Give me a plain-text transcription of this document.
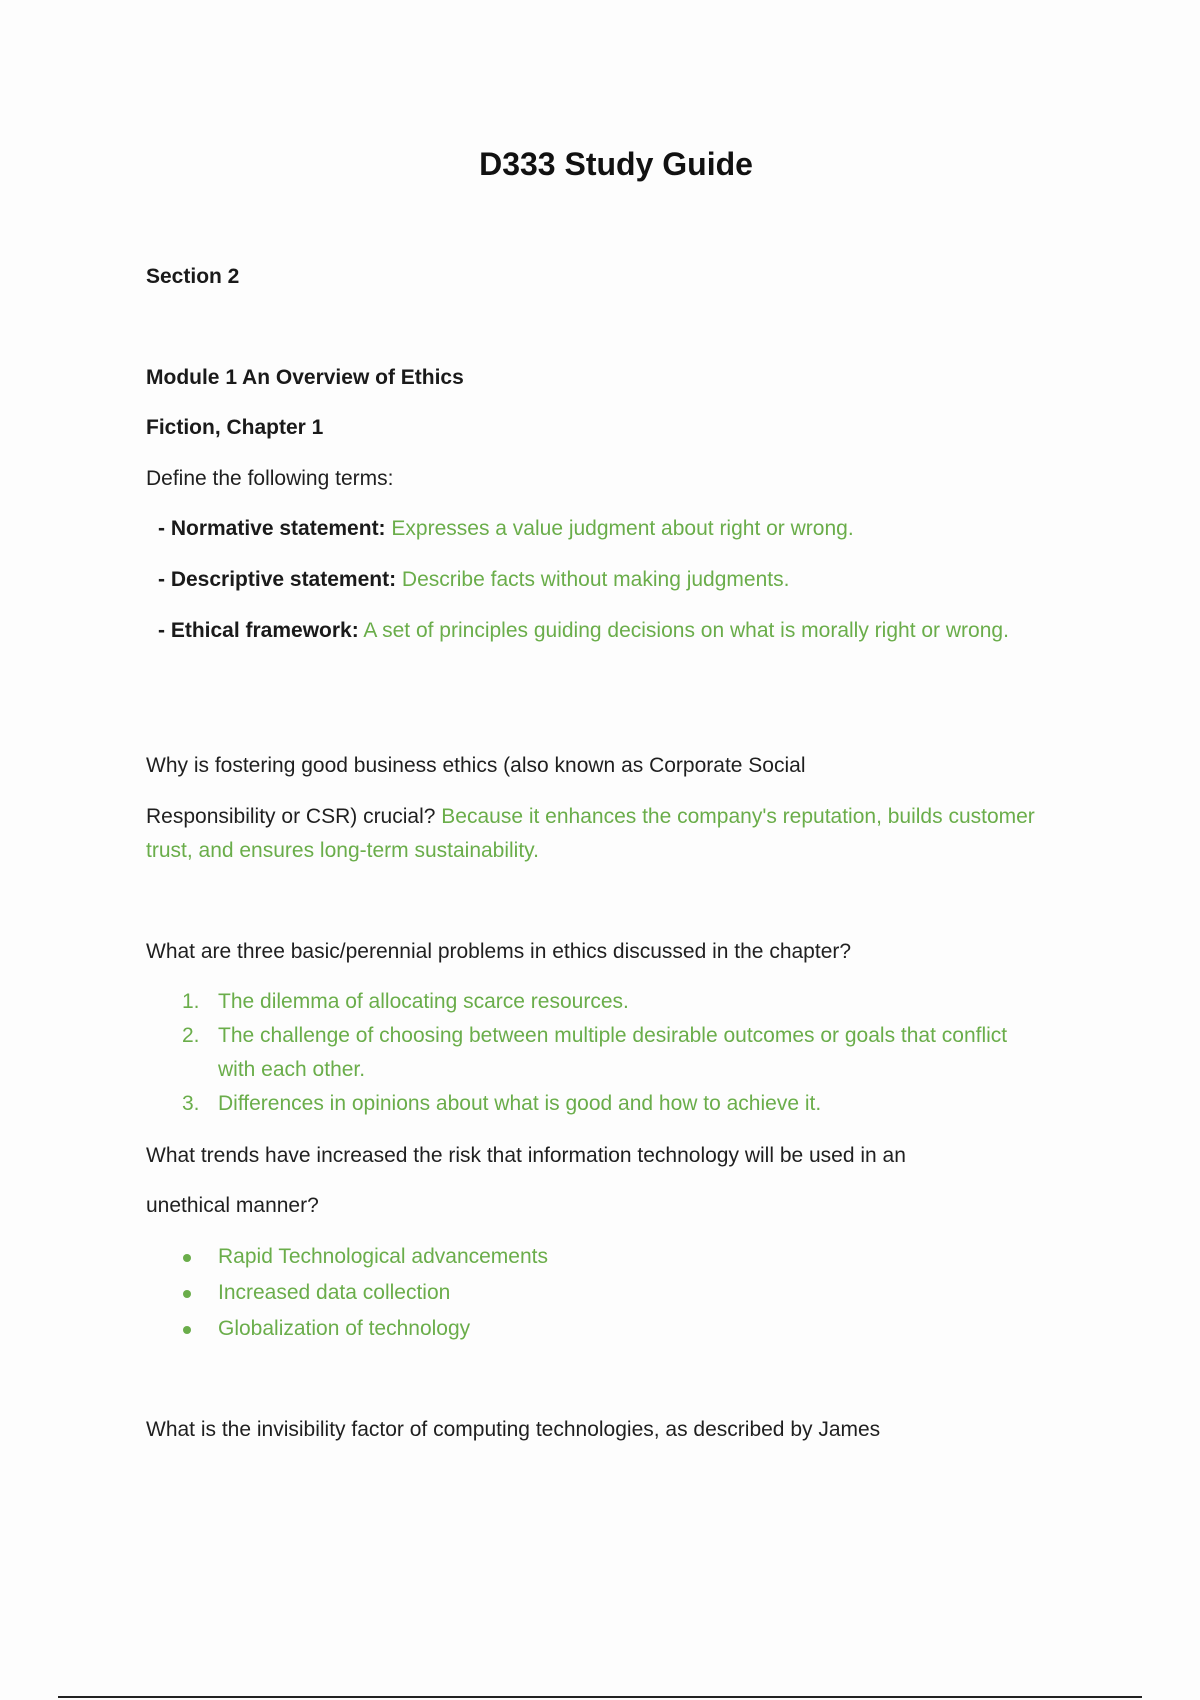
D333 Study Guide
Section 2
Module 1 An Overview of Ethics
Fiction, Chapter 1
Define the following terms:
- Normative statement: Expresses a value judgment about right or wrong.
- Descriptive statement: Describe facts without making judgments.
- Ethical framework: A set of principles guiding decisions on what is morally right or wrong.
Why is fostering good business ethics (also known as Corporate Social
Responsibility or CSR) crucial? Because it enhances the company's reputation, builds customer trust, and ensures long-term sustainability.
What are three basic/perennial problems in ethics discussed in the chapter?
1. The dilemma of allocating scarce resources.
2. The challenge of choosing between multiple desirable outcomes or goals that conflict with each other.
3. Differences in opinions about what is good and how to achieve it.
What trends have increased the risk that information technology will be used in an
unethical manner?
Rapid Technological advancements
Increased data collection
Globalization of technology
What is the invisibility factor of computing technologies, as described by James
